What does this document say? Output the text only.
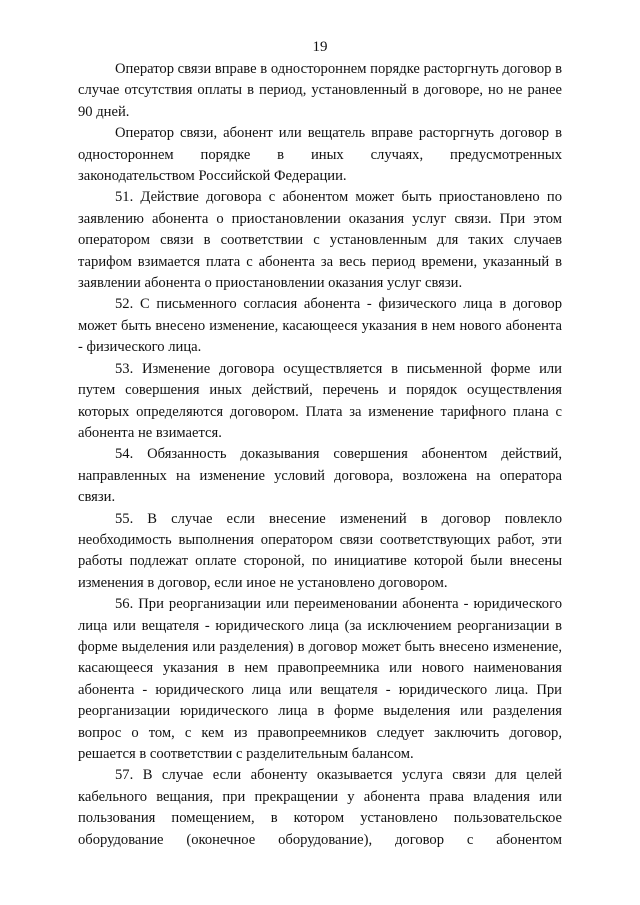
19

Оператор связи вправе в одностороннем порядке расторгнуть договор в случае отсутствия оплаты в период, установленный в договоре, но не ранее 90 дней.

Оператор связи, абонент или вещатель вправе расторгнуть договор в одностороннем порядке в иных случаях, предусмотренных законодательством Российской Федерации.

51. Действие договора с абонентом может быть приостановлено по заявлению абонента о приостановлении оказания услуг связи. При этом оператором связи в соответствии с установленным для таких случаев тарифом взимается плата с абонента за весь период времени, указанный в заявлении абонента о приостановлении оказания услуг связи.

52. С письменного согласия абонента - физического лица в договор может быть внесено изменение, касающееся указания в нем нового абонента - физического лица.

53. Изменение договора осуществляется в письменной форме или путем совершения иных действий, перечень и порядок осуществления которых определяются договором. Плата за изменение тарифного плана с абонента не взимается.

54. Обязанность доказывания совершения абонентом действий, направленных на изменение условий договора, возложена на оператора связи.

55. В случае если внесение изменений в договор повлекло необходимость выполнения оператором связи соответствующих работ, эти работы подлежат оплате стороной, по инициативе которой были внесены изменения в договор, если иное не установлено договором.

56. При реорганизации или переименовании абонента - юридического лица или вещателя - юридического лица (за исключением реорганизации в форме выделения или разделения) в договор может быть внесено изменение, касающееся указания в нем правопреемника или нового наименования абонента - юридического лица или вещателя - юридического лица. При реорганизации юридического лица в форме выделения или разделения вопрос о том, с кем из правопреемников следует заключить договор, решается в соответствии с разделительным балансом.

57. В случае если абоненту оказывается услуга связи для целей кабельного вещания, при прекращении у абонента права владения или пользования помещением, в котором установлено пользовательское оборудование (оконечное оборудование), договор с абонентом
